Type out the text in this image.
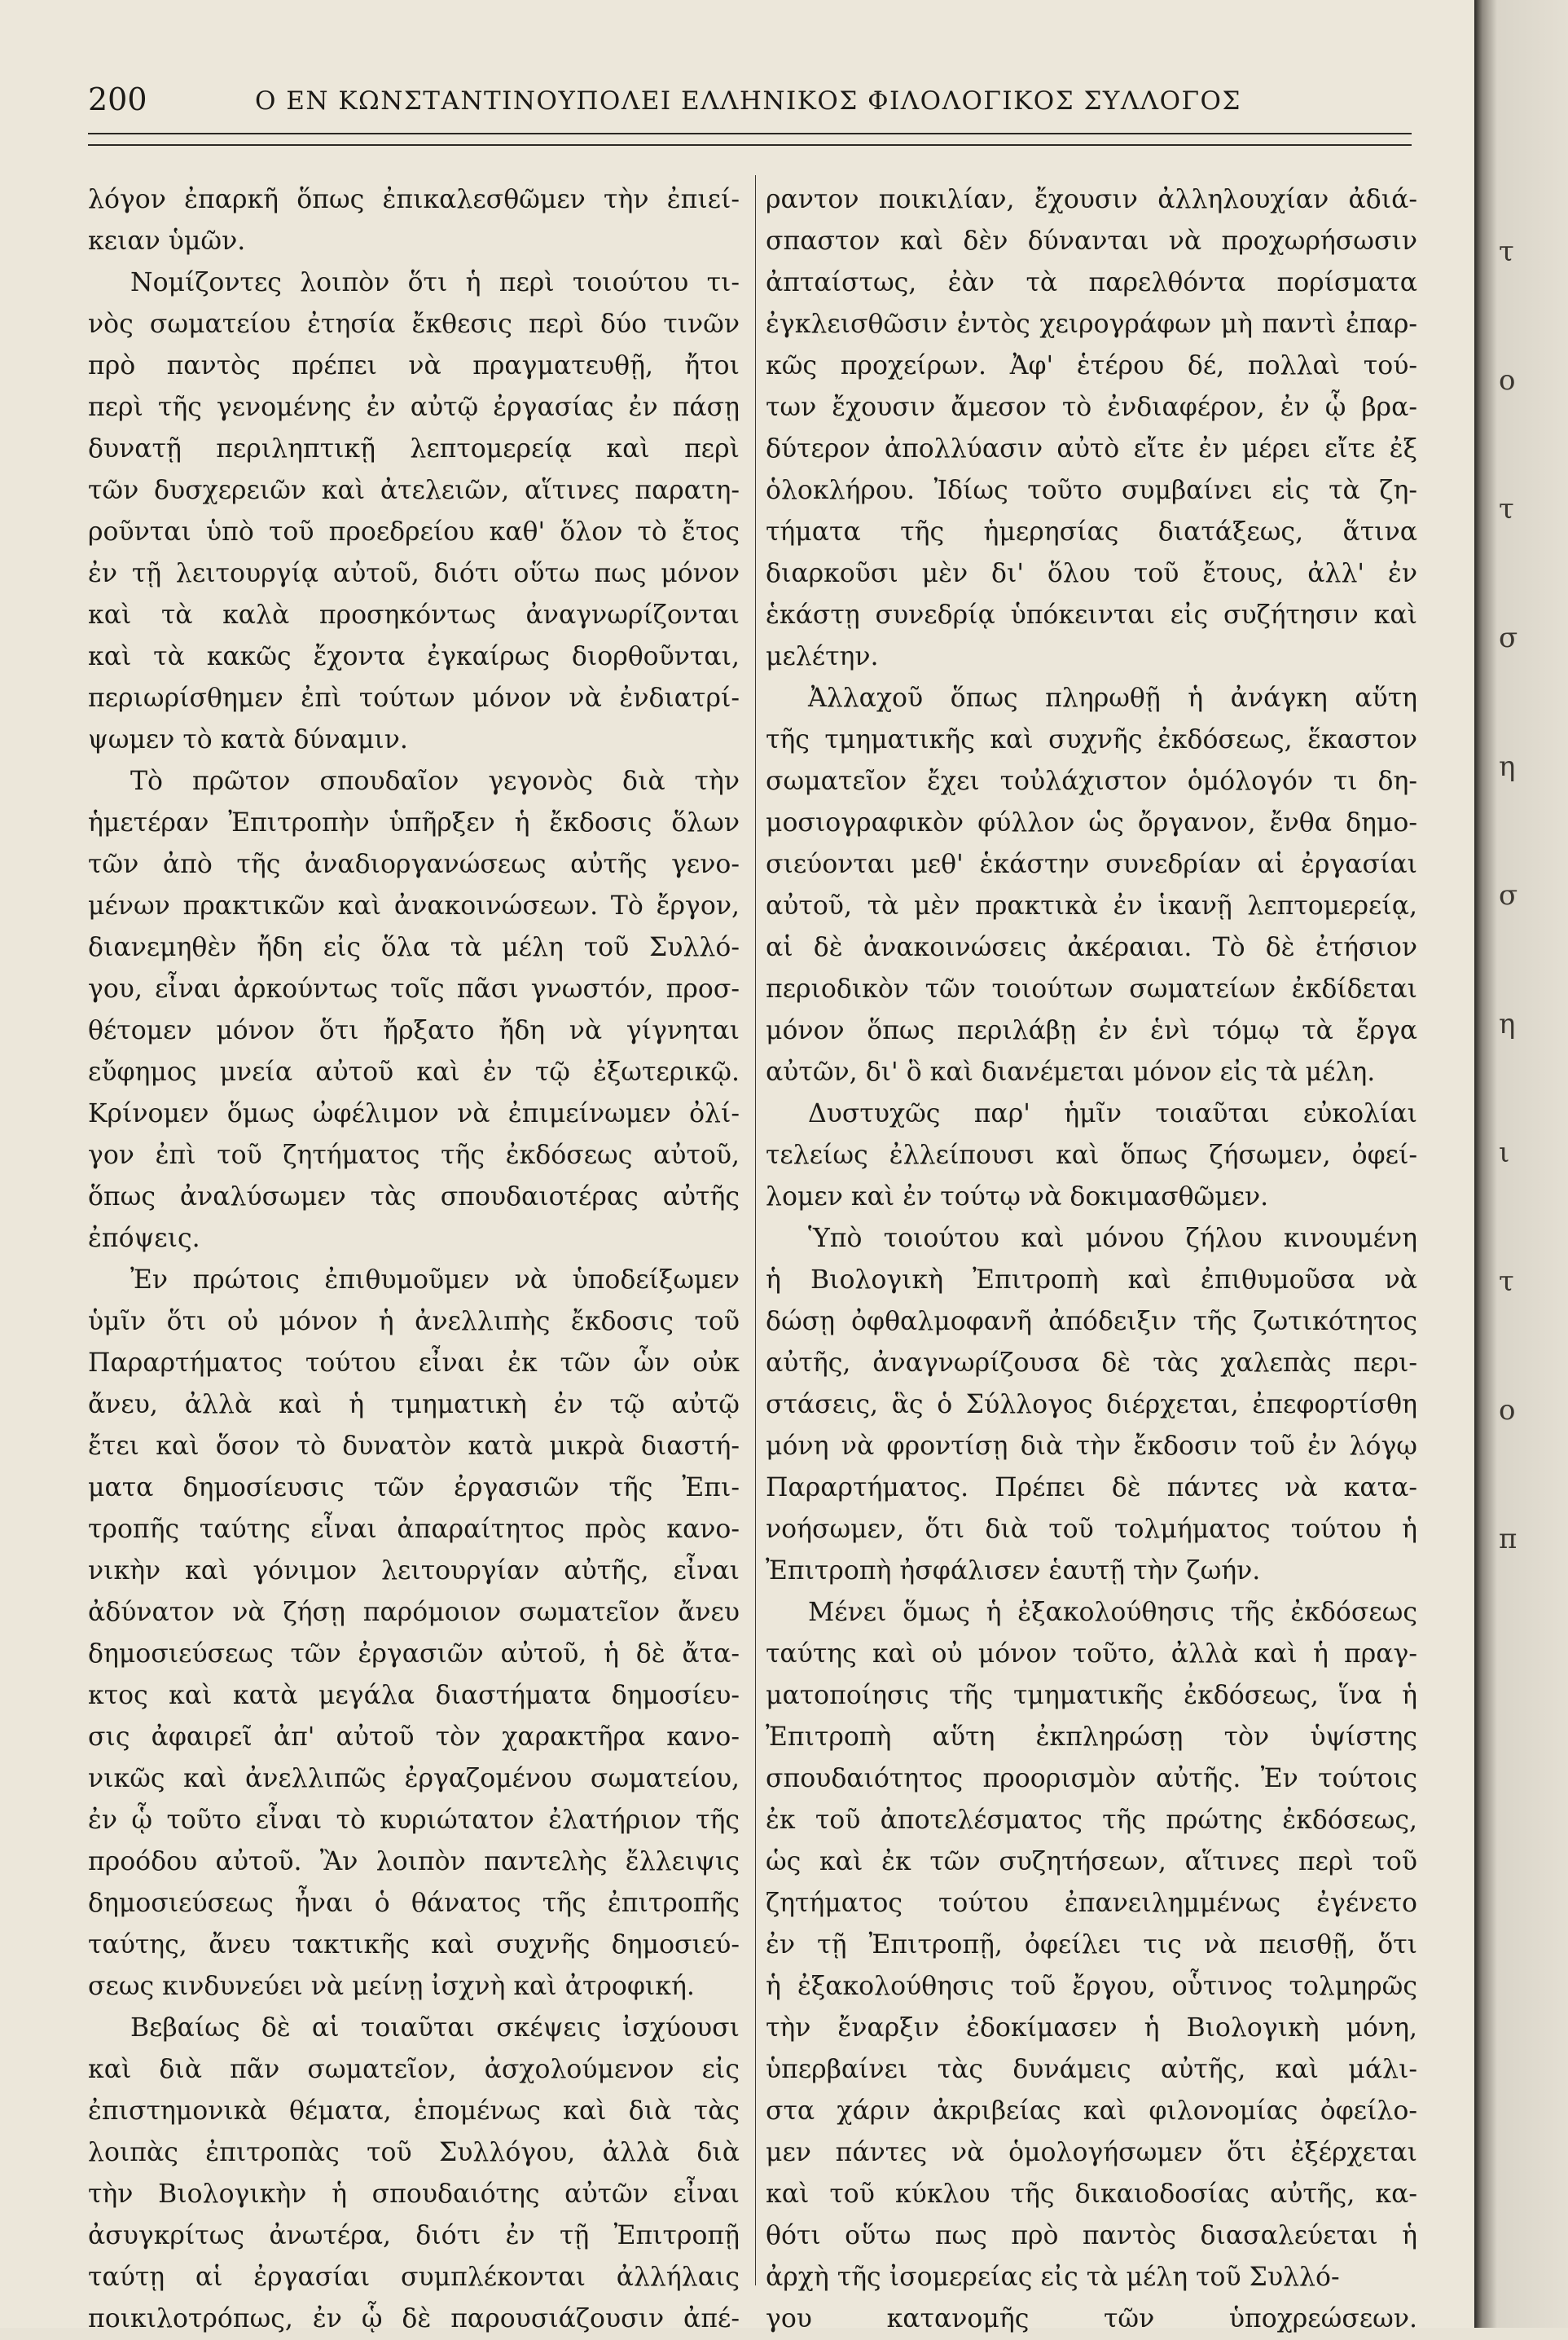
200	Ο ΕΝ ΚΩΝΣΤΑΝΤΙΝΟΥΠΟΛΕΙ ΕΛΛΗΝΙΚΟΣ ΦΙΛΟΛΟΓΙΚΟΣ ΣΥΛΛΟΓΟΣ
λόγον ἐπαρκῆ ὅπως ἐπικαλεσθῶμεν τὴν ἐπιεί-
κειαν ὑμῶν.
Νομίζοντες λοιπὸν ὅτι ἡ περὶ τοιούτου τι-
νὸς σωματείου ἐτησία ἔκθεσις περὶ δύο τινῶν
πρὸ παντὸς πρέπει νὰ πραγματευθῇ, ἤτοι
περὶ τῆς γενομένης ἐν αὐτῷ ἐργασίας ἐν πάσῃ
δυνατῇ περιληπτικῇ λεπτομερείᾳ καὶ περὶ
τῶν δυσχερειῶν καὶ ἀτελειῶν, αἵτινες παρατη-
ροῦνται ὑπὸ τοῦ προεδρείου καθ' ὅλον τὸ ἔτος
ἐν τῇ λειτουργίᾳ αὐτοῦ, διότι οὕτω πως μόνον
καὶ τὰ καλὰ προσηκόντως ἀναγνωρίζονται
καὶ τὰ κακῶς ἔχοντα ἐγκαίρως διορθοῦνται,
περιωρίσθημεν ἐπὶ τούτων μόνον νὰ ἐνδιατρί-
ψωμεν τὸ κατὰ δύναμιν.
Τὸ πρῶτον σπουδαῖον γεγονὸς διὰ τὴν
ἡμετέραν Ἐπιτροπὴν ὑπῆρξεν ἡ ἔκδοσις ὅλων
τῶν ἀπὸ τῆς ἀναδιοργανώσεως αὐτῆς γενο-
μένων πρακτικῶν καὶ ἀνακοινώσεων. Τὸ ἔργον,
διανεμηθὲν ἤδη εἰς ὅλα τὰ μέλη τοῦ Συλλό-
γου, εἶναι ἀρκούντως τοῖς πᾶσι γνωστόν, προσ-
θέτομεν μόνον ὅτι ἤρξατο ἤδη νὰ γίγνηται
εὔφημος μνεία αὐτοῦ καὶ ἐν τῷ ἐξωτερικῷ.
Κρίνομεν ὅμως ὠφέλιμον νὰ ἐπιμείνωμεν ὀλί-
γον ἐπὶ τοῦ ζητήματος τῆς ἐκδόσεως αὐτοῦ,
ὅπως ἀναλύσωμεν τὰς σπουδαιοτέρας αὐτῆς
ἐπόψεις.
Ἐν πρώτοις ἐπιθυμοῦμεν νὰ ὑποδείξωμεν
ὑμῖν ὅτι οὐ μόνον ἡ ἀνελλιπὴς ἔκδοσις τοῦ
Παραρτήματος τούτου εἶναι ἐκ τῶν ὧν οὐκ
ἄνευ, ἀλλὰ καὶ ἡ τμηματικὴ ἐν τῷ αὐτῷ
ἔτει καὶ ὅσον τὸ δυνατὸν κατὰ μικρὰ διαστή-
ματα δημοσίευσις τῶν ἐργασιῶν τῆς Ἐπι-
τροπῆς ταύτης εἶναι ἀπαραίτητος πρὸς κανο-
νικὴν καὶ γόνιμον λειτουργίαν αὐτῆς, εἶναι
ἀδύνατον νὰ ζήσῃ παρόμοιον σωματεῖον ἄνευ
δημοσιεύσεως τῶν ἐργασιῶν αὐτοῦ, ἡ δὲ ἄτα-
κτος καὶ κατὰ μεγάλα διαστήματα δημοσίευ-
σις ἀφαιρεῖ ἀπ' αὐτοῦ τὸν χαρακτῆρα κανο-
νικῶς καὶ ἀνελλιπῶς ἐργαζομένου σωματείου,
ἐν ᾧ τοῦτο εἶναι τὸ κυριώτατον ἐλατήριον τῆς
προόδου αὐτοῦ. Ἂν λοιπὸν παντελὴς ἔλλειψις
δημοσιεύσεως ἦναι ὁ θάνατος τῆς ἐπιτροπῆς
ταύτης, ἄνευ τακτικῆς καὶ συχνῆς δημοσιεύ-
σεως κινδυνεύει νὰ μείνῃ ἰσχνὴ καὶ ἀτροφική.
Βεβαίως δὲ αἱ τοιαῦται σκέψεις ἰσχύουσι
καὶ διὰ πᾶν σωματεῖον, ἀσχολούμενον εἰς
ἐπιστημονικὰ θέματα, ἑπομένως καὶ διὰ τὰς
λοιπὰς ἐπιτροπὰς τοῦ Συλλόγου, ἀλλὰ διὰ
τὴν Βιολογικὴν ἡ σπουδαιότης αὐτῶν εἶναι
ἀσυγκρίτως ἀνωτέρα, διότι ἐν τῇ Ἐπιτροπῇ
ταύτῃ αἱ ἐργασίαι συμπλέκονται ἀλλήλαις
ποικιλοτρόπως, ἐν ᾧ δὲ παρουσιάζουσιν ἀπέ-
ραντον ποικιλίαν, ἔχουσιν ἀλληλουχίαν ἀδιά-
σπαστον καὶ δὲν δύνανται νὰ προχωρήσωσιν
ἀπταίστως, ἐὰν τὰ παρελθόντα πορίσματα
ἐγκλεισθῶσιν ἐντὸς χειρογράφων μὴ παντὶ ἐπαρ-
κῶς προχείρων. Ἀφ' ἑτέρου δέ, πολλαὶ τού-
των ἔχουσιν ἄμεσον τὸ ἐνδιαφέρον, ἐν ᾧ βρα-
δύτερον ἀπολλύασιν αὐτὸ εἴτε ἐν μέρει εἴτε ἐξ
ὁλοκλήρου. Ἰδίως τοῦτο συμβαίνει εἰς τὰ ζη-
τήματα τῆς ἡμερησίας διατάξεως, ἅτινα
διαρκοῦσι μὲν δι' ὅλου τοῦ ἔτους, ἀλλ' ἐν
ἑκάστῃ συνεδρίᾳ ὑπόκεινται εἰς συζήτησιν καὶ
μελέτην.
Ἀλλαχοῦ ὅπως πληρωθῇ ἡ ἀνάγκη αὕτη
τῆς τμηματικῆς καὶ συχνῆς ἐκδόσεως, ἕκαστον
σωματεῖον ἔχει τοὐλάχιστον ὁμόλογόν τι δη-
μοσιογραφικὸν φύλλον ὡς ὄργανον, ἔνθα δημο-
σιεύονται μεθ' ἑκάστην συνεδρίαν αἱ ἐργασίαι
αὐτοῦ, τὰ μὲν πρακτικὰ ἐν ἱκανῇ λεπτομερείᾳ,
αἱ δὲ ἀνακοινώσεις ἀκέραιαι. Τὸ δὲ ἐτήσιον
περιοδικὸν τῶν τοιούτων σωματείων ἐκδίδεται
μόνον ὅπως περιλάβῃ ἐν ἑνὶ τόμῳ τὰ ἔργα
αὐτῶν, δι' ὃ καὶ διανέμεται μόνον εἰς τὰ μέλη.
Δυστυχῶς παρ' ἡμῖν τοιαῦται εὐκολίαι
τελείως ἐλλείπουσι καὶ ὅπως ζήσωμεν, ὀφεί-
λομεν καὶ ἐν τούτῳ νὰ δοκιμασθῶμεν.
Ὑπὸ τοιούτου καὶ μόνου ζήλου κινουμένη
ἡ Βιολογικὴ Ἐπιτροπὴ καὶ ἐπιθυμοῦσα νὰ
δώσῃ ὀφθαλμοφανῆ ἀπόδειξιν τῆς ζωτικότητος
αὐτῆς, ἀναγνωρίζουσα δὲ τὰς χαλεπὰς περι-
στάσεις, ἃς ὁ Σύλλογος διέρχεται, ἐπεφορτίσθη
μόνη νὰ φροντίσῃ διὰ τὴν ἔκδοσιν τοῦ ἐν λόγῳ
Παραρτήματος. Πρέπει δὲ πάντες νὰ κατα-
νοήσωμεν, ὅτι διὰ τοῦ τολμήματος τούτου ἡ
Ἐπιτροπὴ ἠσφάλισεν ἑαυτῇ τὴν ζωήν.
Μένει ὅμως ἡ ἐξακολούθησις τῆς ἐκδόσεως
ταύτης καὶ οὐ μόνον τοῦτο, ἀλλὰ καὶ ἡ πραγ-
ματοποίησις τῆς τμηματικῆς ἐκδόσεως, ἵνα ἡ
Ἐπιτροπὴ αὕτη ἐκπληρώσῃ τὸν ὑψίστης
σπουδαιότητος προορισμὸν αὐτῆς. Ἐν τούτοις
ἐκ τοῦ ἀποτελέσματος τῆς πρώτης ἐκδόσεως,
ὡς καὶ ἐκ τῶν συζητήσεων, αἵτινες περὶ τοῦ
ζητήματος τούτου ἐπανειλημμένως ἐγένετο
ἐν τῇ Ἐπιτροπῇ, ὀφείλει τις νὰ πεισθῇ, ὅτι
ἡ ἐξακολούθησις τοῦ ἔργου, οὗτινος τολμηρῶς
τὴν ἔναρξιν ἐδοκίμασεν ἡ Βιολογικὴ μόνη,
ὑπερβαίνει τὰς δυνάμεις αὐτῆς, καὶ μάλι-
στα χάριν ἀκριβείας καὶ φιλονομίας ὀφείλο-
μεν πάντες νὰ ὁμολογήσωμεν ὅτι ἐξέρχεται
καὶ τοῦ κύκλου τῆς δικαιοδοσίας αὐτῆς, κα-
θότι οὕτω πως πρὸ παντὸς διασαλεύεται ἡ
ἀρχὴ τῆς ἰσομερείας εἰς τὰ μέλη τοῦ Συλλό-
γου κατανομῆς τῶν ὑποχρεώσεων.
τ
ο
τ
σ
η
σ
η
ι
τ
ο
π
